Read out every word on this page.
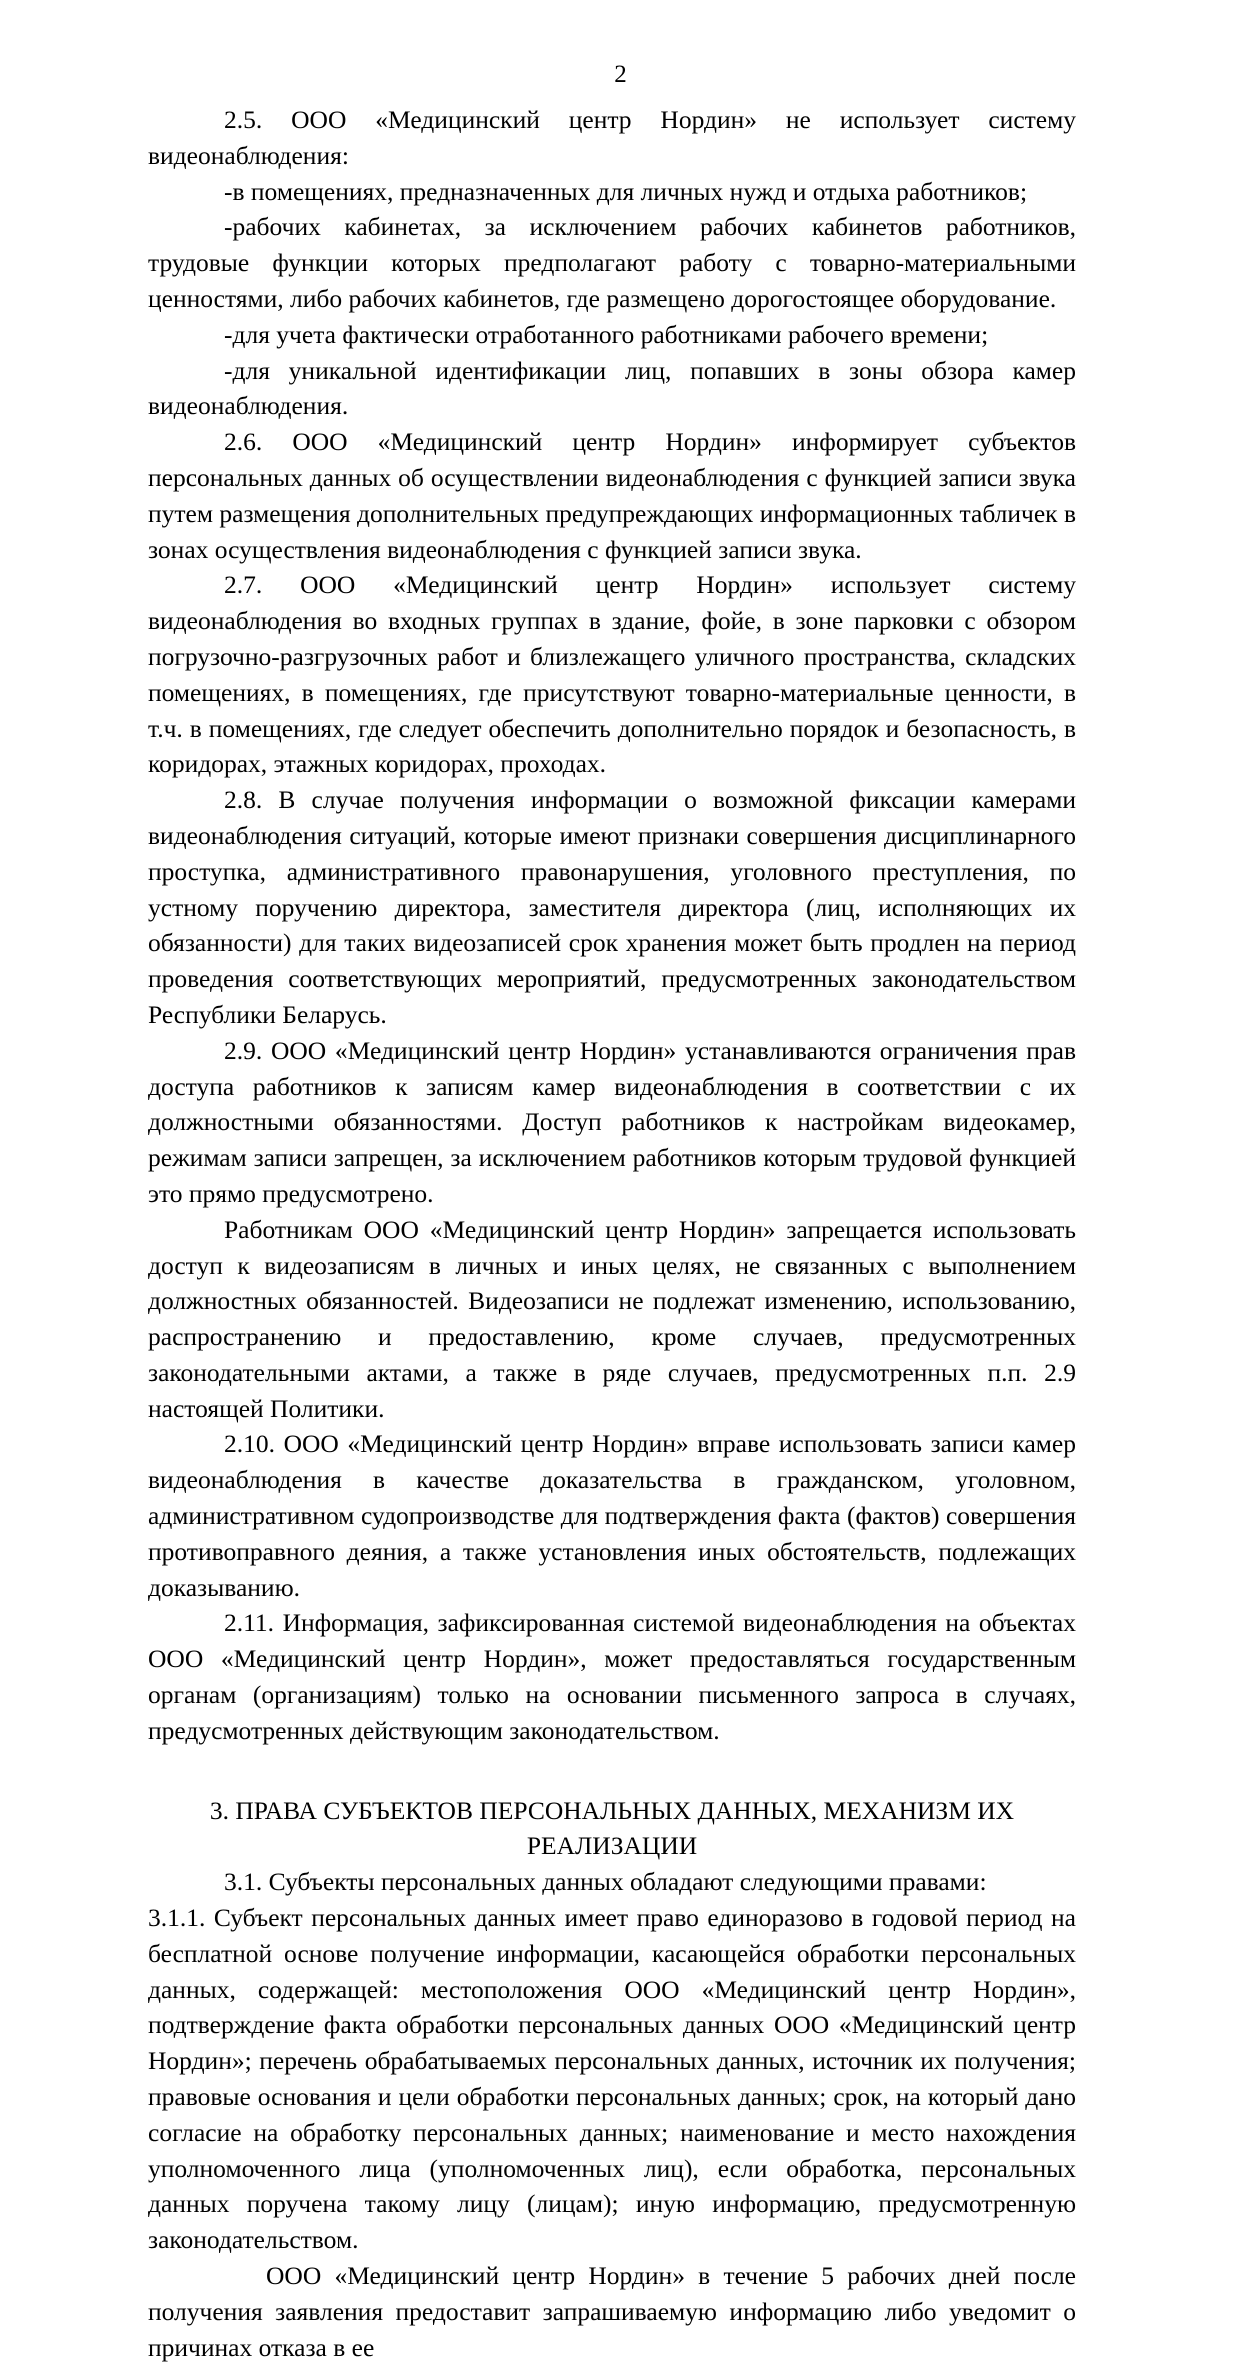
2

2.5. ООО «Медицинский центр Нордин» не использует систему видеонаблюдения:

-в помещениях, предназначенных для личных нужд и отдыха работников;

-рабочих кабинетах, за исключением рабочих кабинетов работников, трудовые функции которых предполагают работу с товарно-материальными ценностями, либо рабочих кабинетов, где размещено дорогостоящее оборудование.

-для учета фактически отработанного работниками рабочего времени;

-для уникальной идентификации лиц, попавших в зоны обзора камер видеонаблюдения.

2.6. ООО «Медицинский центр Нордин» информирует субъектов персональных данных об осуществлении видеонаблюдения с функцией записи звука путем размещения дополнительных предупреждающих информационных табличек в зонах осуществления видеонаблюдения с функцией записи звука.

2.7. ООО «Медицинский центр Нордин» использует систему видеонаблюдения во входных группах в здание, фойе, в зоне парковки с обзором погрузочно-разгрузочных работ и близлежащего уличного пространства, складских помещениях, в помещениях, где присутствуют товарно-материальные ценности, в т.ч. в помещениях, где следует обеспечить дополнительно порядок и безопасность, в коридорах, этажных коридорах, проходах.

2.8. В случае получения информации о возможной фиксации камерами видеонаблюдения ситуаций, которые имеют признаки совершения дисциплинарного проступка, административного правонарушения, уголовного преступления, по устному поручению директора, заместителя директора (лиц, исполняющих их обязанности) для таких видеозаписей срок хранения может быть продлен на период проведения соответствующих мероприятий, предусмотренных законодательством Республики Беларусь.

2.9. ООО «Медицинский центр Нордин» устанавливаются ограничения прав доступа работников к записям камер видеонаблюдения в соответствии с их должностными обязанностями. Доступ работников к настройкам видеокамер, режимам записи запрещен, за исключением работников которым трудовой функцией это прямо предусмотрено.

Работникам ООО «Медицинский центр Нордин» запрещается использовать доступ к видеозаписям в личных и иных целях, не связанных с выполнением должностных обязанностей. Видеозаписи не подлежат изменению, использованию, распространению и предоставлению, кроме случаев, предусмотренных законодательными актами, а также в ряде случаев, предусмотренных п.п. 2.9 настоящей Политики.

2.10. ООО «Медицинский центр Нордин» вправе использовать записи камер видеонаблюдения в качестве доказательства в гражданском, уголовном, административном судопроизводстве для подтверждения факта (фактов) совершения противоправного деяния, а также установления иных обстоятельств, подлежащих доказыванию.

2.11. Информация, зафиксированная системой видеонаблюдения на объектах ООО «Медицинский центр Нордин», может предоставляться государственным органам (организациям) только на основании письменного запроса в случаях, предусмотренных действующим законодательством.

3. ПРАВА СУБЪЕКТОВ ПЕРСОНАЛЬНЫХ ДАННЫХ, МЕХАНИЗМ ИХ

РЕАЛИЗАЦИИ

3.1. Субъекты персональных данных обладают следующими правами:

3.1.1. Субъект персональных данных имеет право единоразово в годовой период на бесплатной основе получение информации, касающейся обработки персональных данных, содержащей: местоположения ООО «Медицинский центр Нордин», подтверждение факта обработки персональных данных ООО «Медицинский центр Нордин»; перечень обрабатываемых персональных данных, источник их получения; правовые основания и цели обработки персональных данных; срок, на который дано согласие на обработку персональных данных; наименование и место нахождения уполномоченного лица (уполномоченных лиц), если обработка, персональных данных поручена такому лицу (лицам); иную информацию, предусмотренную законодательством.

ООО «Медицинский центр Нордин» в течение 5 рабочих дней после получения заявления предоставит запрашиваемую информацию либо уведомит о причинах отказа в ее
